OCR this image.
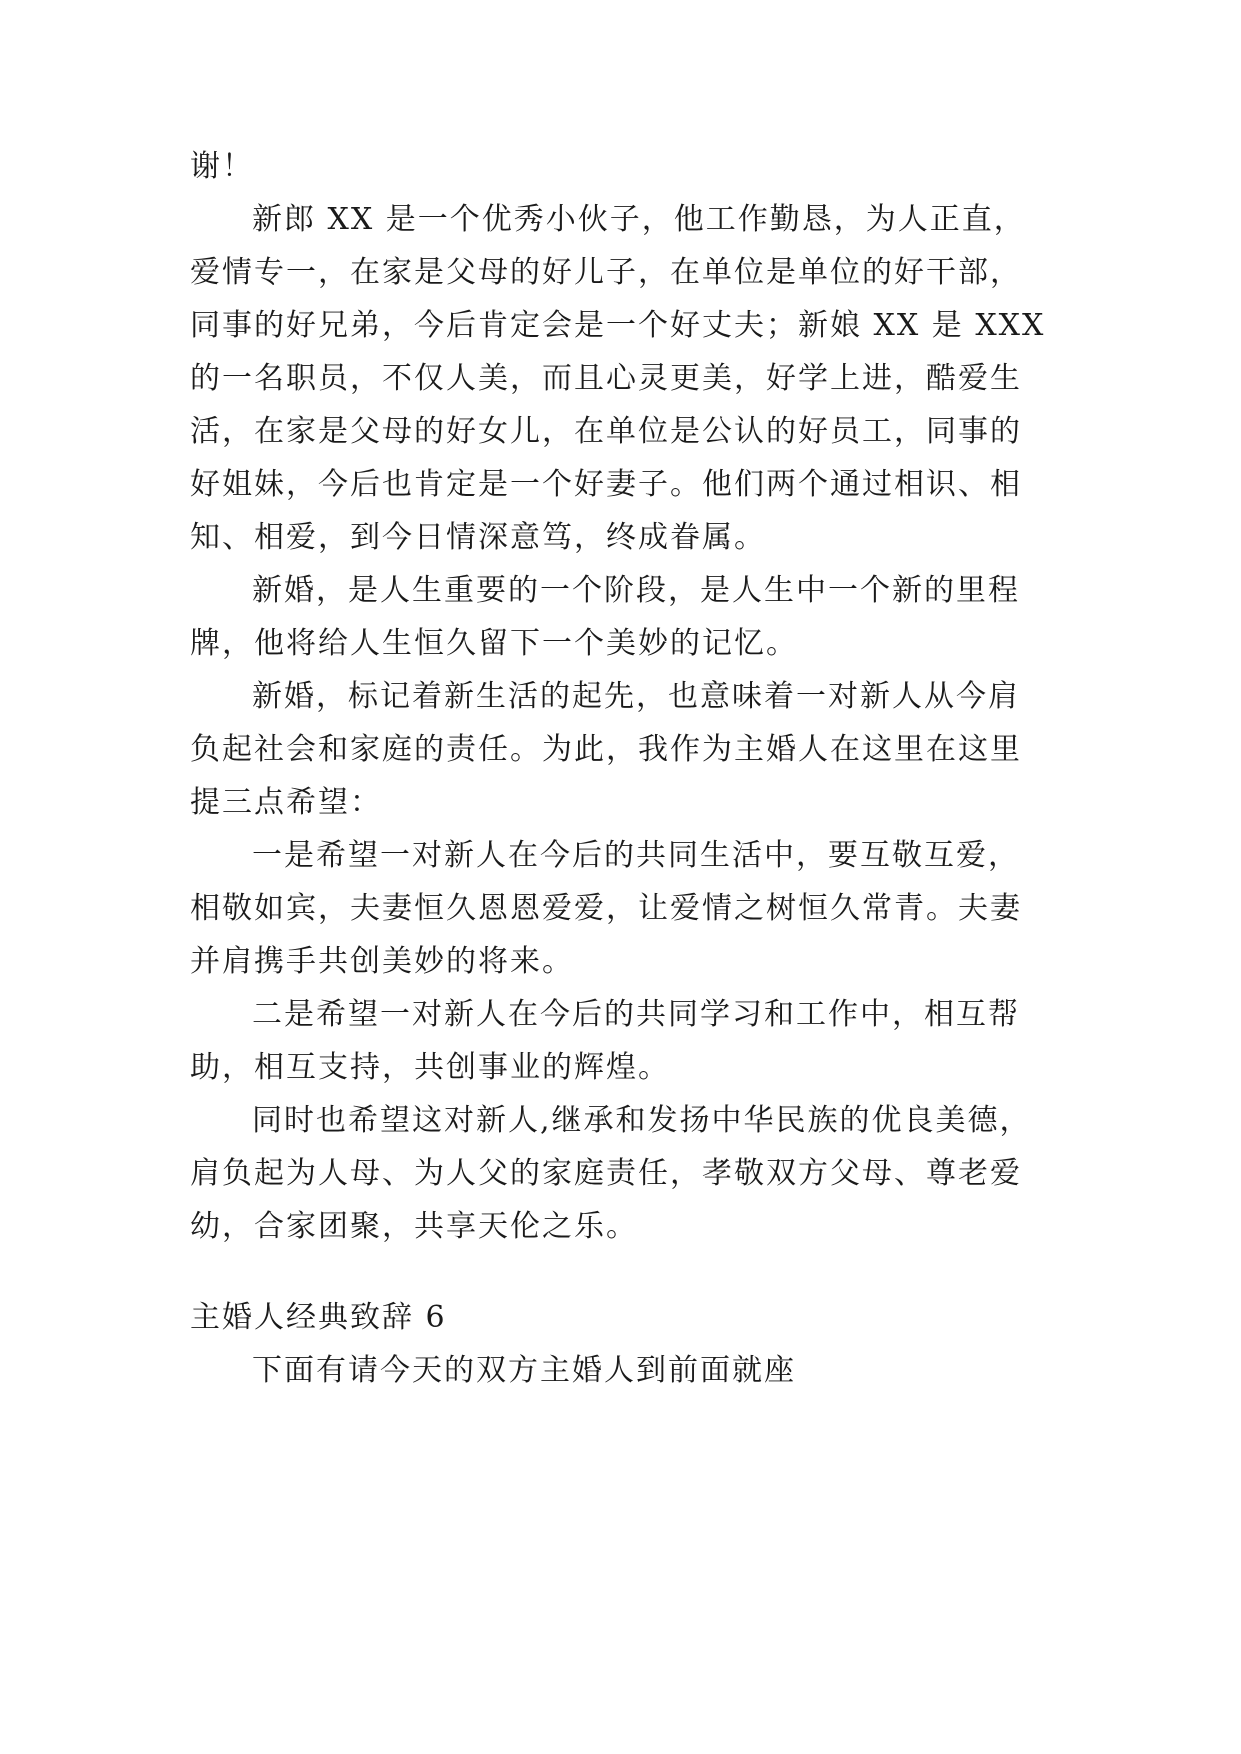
谢！
新郎 XX 是一个优秀小伙子，他工作勤恳，为人正直，
爱情专一，在家是父母的好儿子，在单位是单位的好干部，
同事的好兄弟，今后肯定会是一个好丈夫；新娘 XX 是 XXX
的一名职员，不仅人美，而且心灵更美，好学上进，酷爱生
活，在家是父母的好女儿，在单位是公认的好员工，同事的
好姐妹，今后也肯定是一个好妻子。他们两个通过相识、相
知、相爱，到今日情深意笃，终成眷属。
新婚，是人生重要的一个阶段，是人生中一个新的里程
牌，他将给人生恒久留下一个美妙的记忆。
新婚，标记着新生活的起先，也意味着一对新人从今肩
负起社会和家庭的责任。为此，我作为主婚人在这里在这里
提三点希望：
一是希望一对新人在今后的共同生活中，要互敬互爱，
相敬如宾，夫妻恒久恩恩爱爱，让爱情之树恒久常青。夫妻
并肩携手共创美妙的将来。
二是希望一对新人在今后的共同学习和工作中，相互帮
助，相互支持，共创事业的辉煌。
同时也希望这对新人,继承和发扬中华民族的优良美德，
肩负起为人母、为人父的家庭责任，孝敬双方父母、尊老爱
幼，合家团聚，共享天伦之乐。
主婚人经典致辞 6
下面有请今天的双方主婚人到前面就座
